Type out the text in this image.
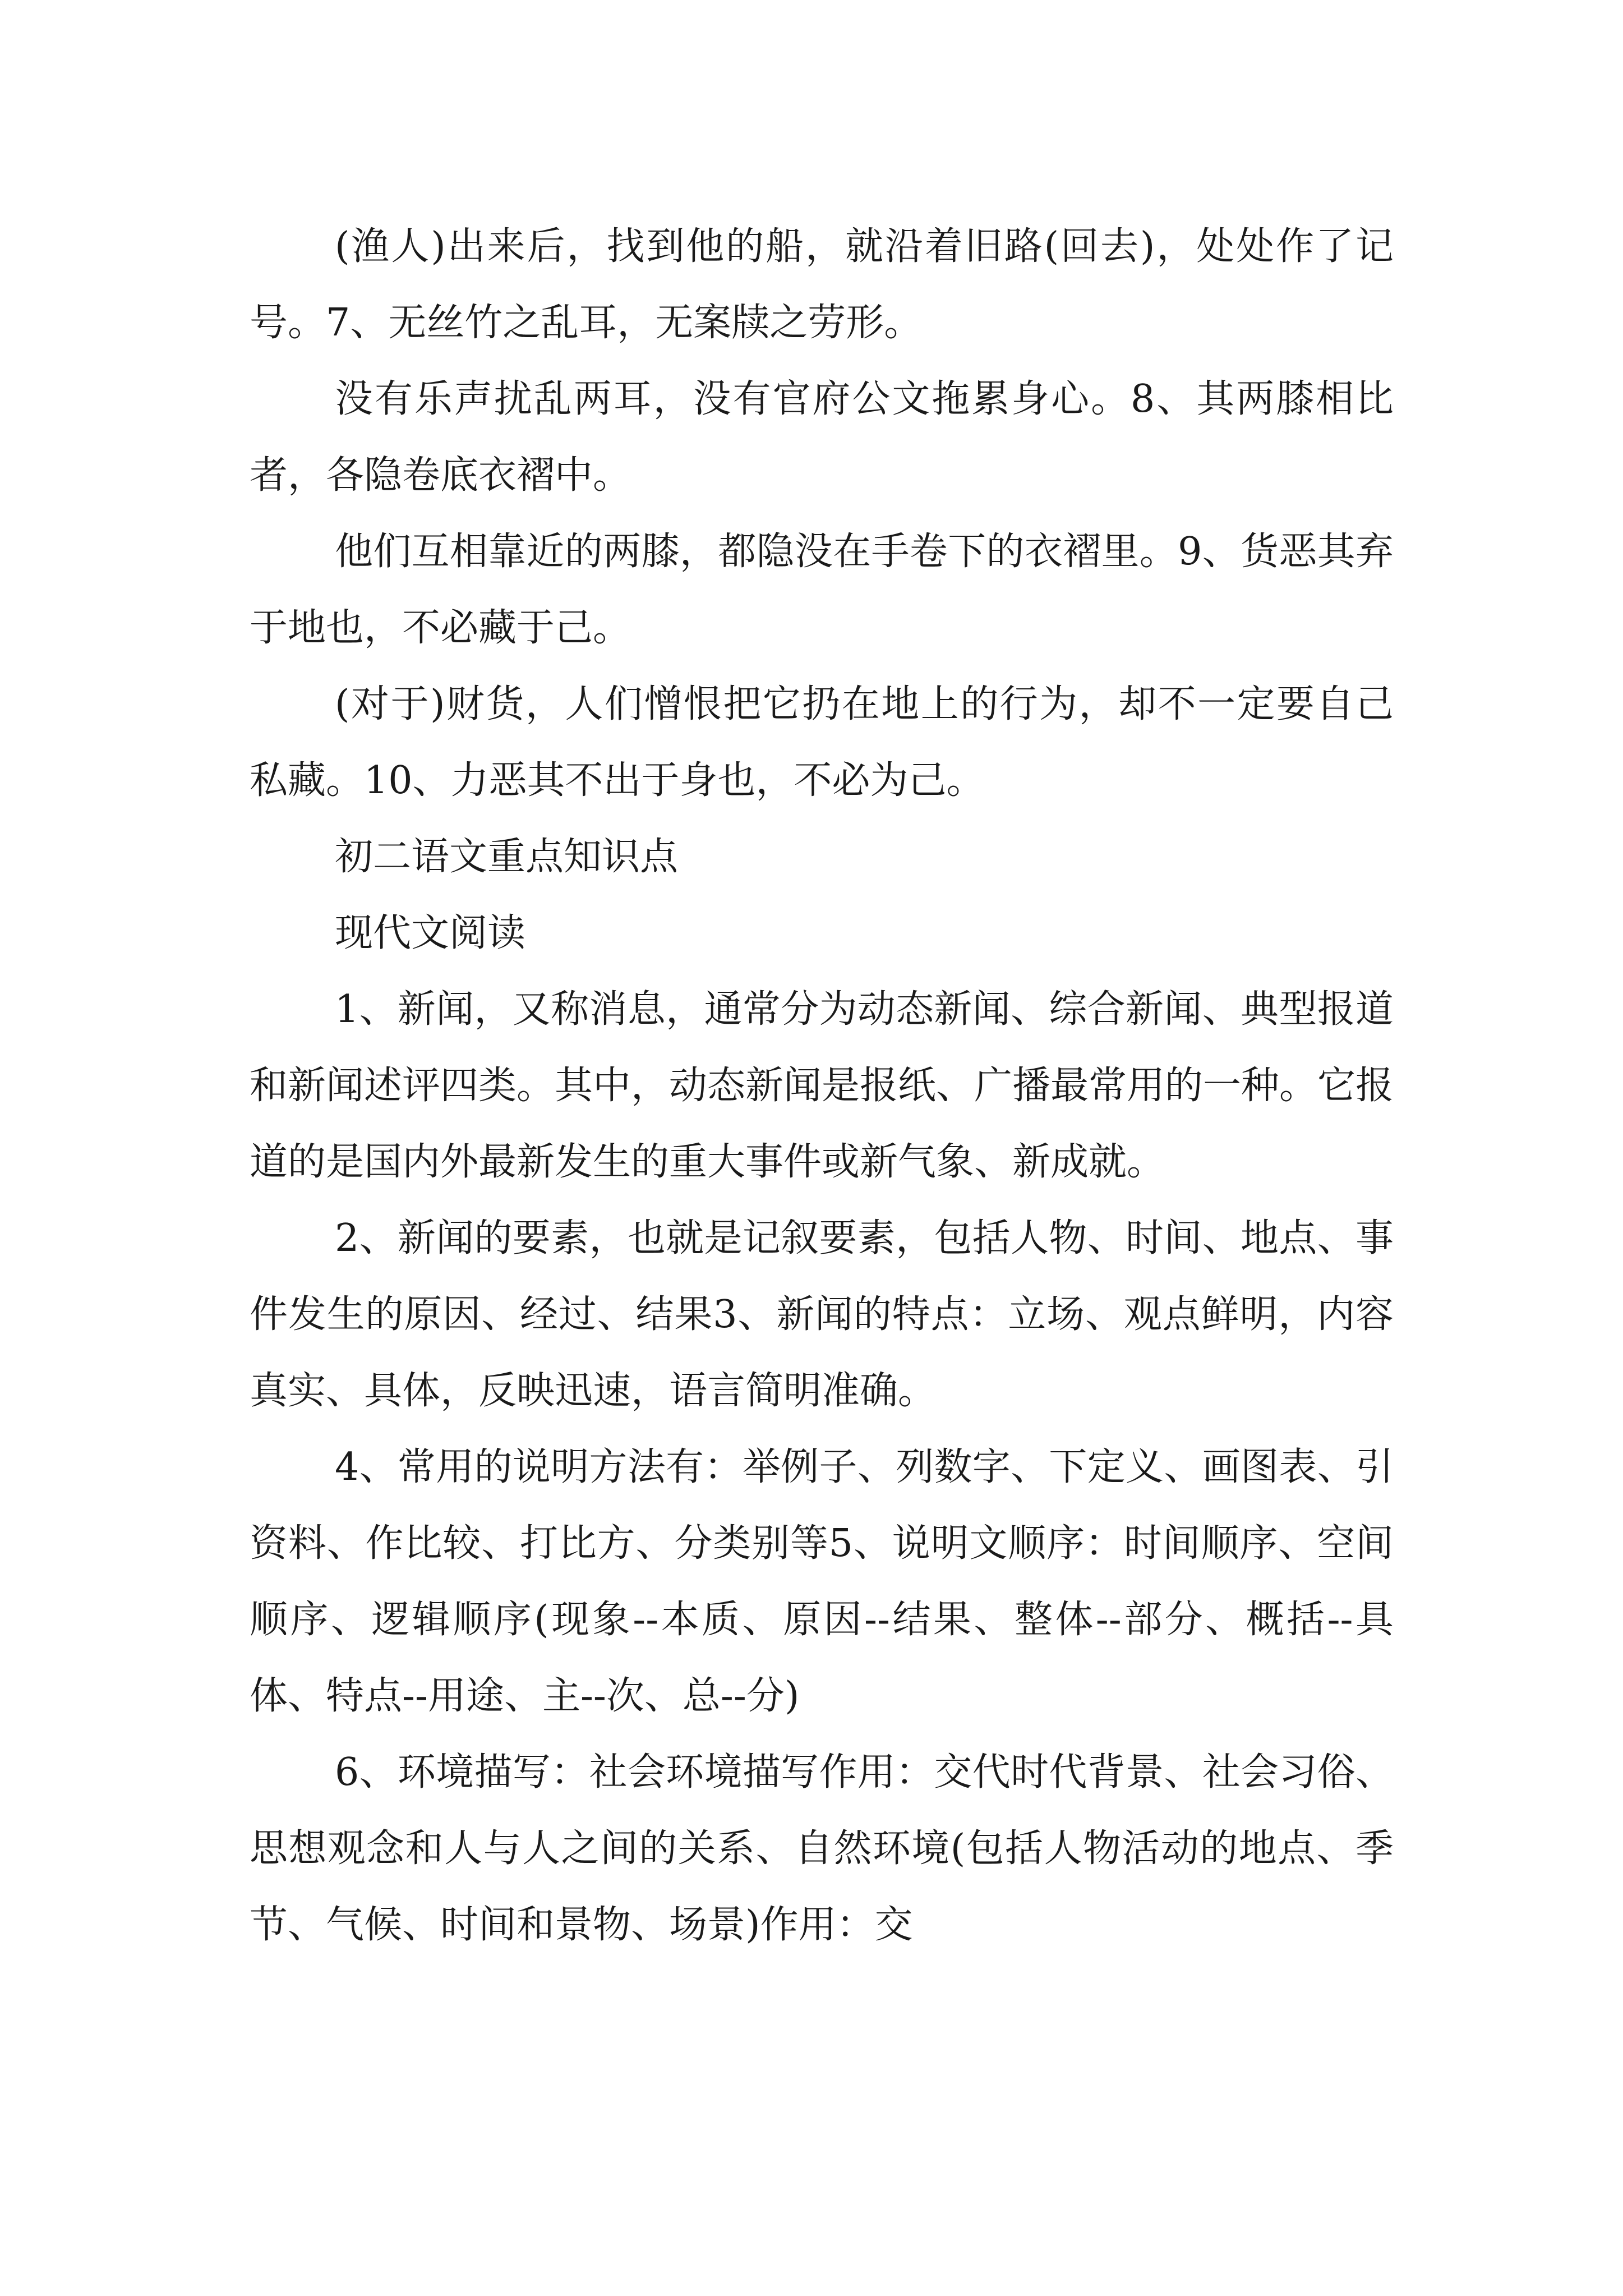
(渔人)出来后，找到他的船，就沿着旧路(回去)，处处作了记号。7、无丝竹之乱耳，无案牍之劳形。

没有乐声扰乱两耳，没有官府公文拖累身心。8、其两膝相比者，各隐卷底衣褶中。

他们互相靠近的两膝，都隐没在手卷下的衣褶里。9、货恶其弃于地也，不必藏于己。

(对于)财货，人们憎恨把它扔在地上的行为，却不一定要自己私藏。10、力恶其不出于身也，不必为己。

初二语文重点知识点

现代文阅读

1、新闻，又称消息，通常分为动态新闻、综合新闻、典型报道和新闻述评四类。其中，动态新闻是报纸、广播最常用的一种。它报道的是国内外最新发生的重大事件或新气象、新成就。

2、新闻的要素，也就是记叙要素，包括人物、时间、地点、事件发生的原因、经过、结果3、新闻的特点：立场、观点鲜明，内容真实、具体，反映迅速，语言简明准确。

4、常用的说明方法有：举例子、列数字、下定义、画图表、引资料、作比较、打比方、分类别等5、说明文顺序：时间顺序、空间顺序、逻辑顺序(现象--本质、原因--结果、整体--部分、概括--具体、特点--用途、主--次、总--分)

6、环境描写：社会环境描写作用：交代时代背景、社会习俗、思想观念和人与人之间的关系、自然环境(包括人物活动的地点、季节、气候、时间和景物、场景)作用：交
